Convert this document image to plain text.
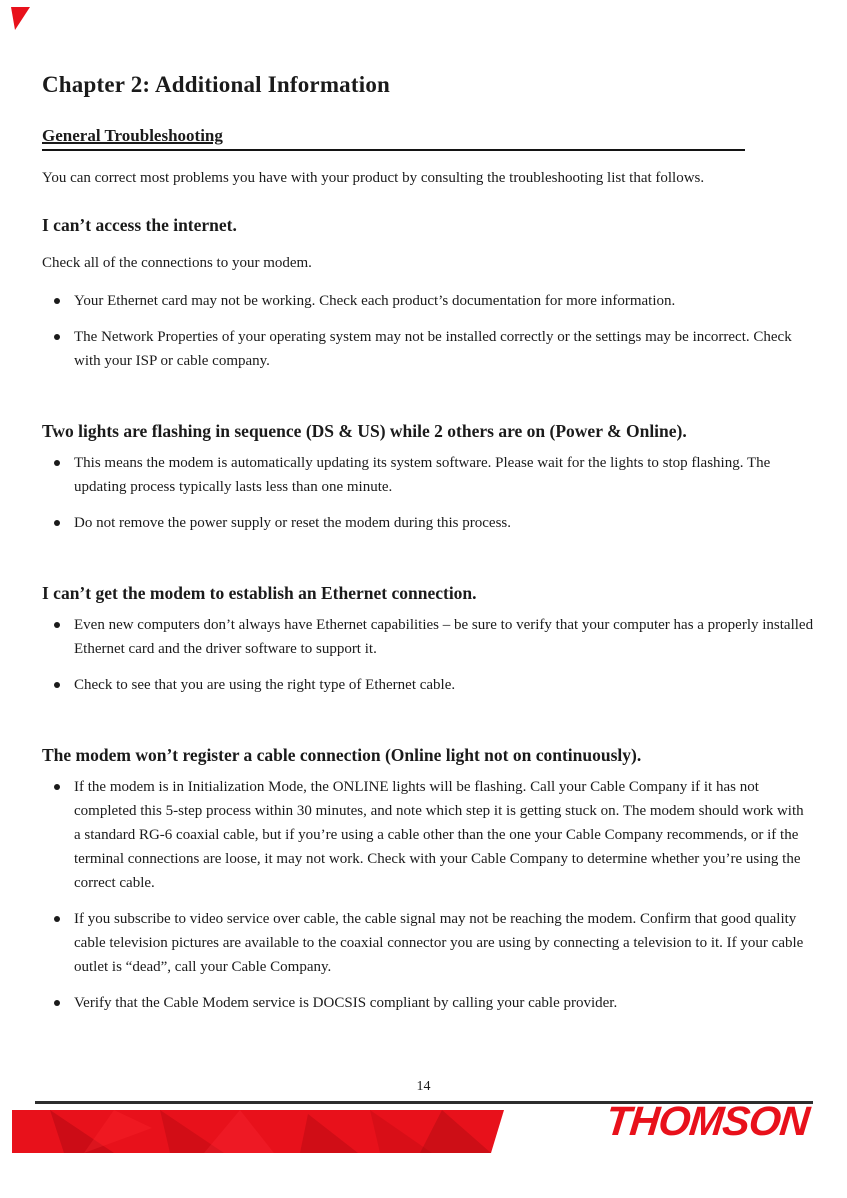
Chapter 2: Additional Information
General Troubleshooting

You can correct most problems you have with your product by consulting the troubleshooting list that follows.

I can’t access the internet.

Check all of the connections to your modem.

Your Ethernet card may not be working. Check each product’s documentation for more information.
The Network Properties of your operating system may not be installed correctly or the settings may be incorrect. Check with your ISP or cable company.
Two lights are flashing in sequence (DS & US) while 2 others are on (Power & Online).
This means the modem is automatically updating its system software. Please wait for the lights to stop flashing. The updating process typically lasts less than one minute.
Do not remove the power supply or reset the modem during this process.
I can’t get the modem to establish an Ethernet connection.
Even new computers don’t always have Ethernet capabilities – be sure to verify that your computer has a properly installed Ethernet card and the driver software to support it.
Check to see that you are using the right type of Ethernet cable.
The modem won’t register a cable connection (Online light not on continuously).
If the modem is in Initialization Mode, the ONLINE lights will be flashing. Call your Cable Company if it has not completed this 5-step process within 30 minutes, and note which step it is getting stuck on. The modem should work with a standard RG-6 coaxial cable, but if you’re using a cable other than the one your Cable Company recommends, or if the terminal connections are loose, it may not work. Check with your Cable Company to determine whether you’re using the correct cable.
If you subscribe to video service over cable, the cable signal may not be reaching the modem. Confirm that good quality cable television pictures are available to the coaxial connector you are using by connecting a television to it. If your cable outlet is “dead”, call your Cable Company.
Verify that the Cable Modem service is DOCSIS compliant by calling your cable provider.
14
THOMSON
